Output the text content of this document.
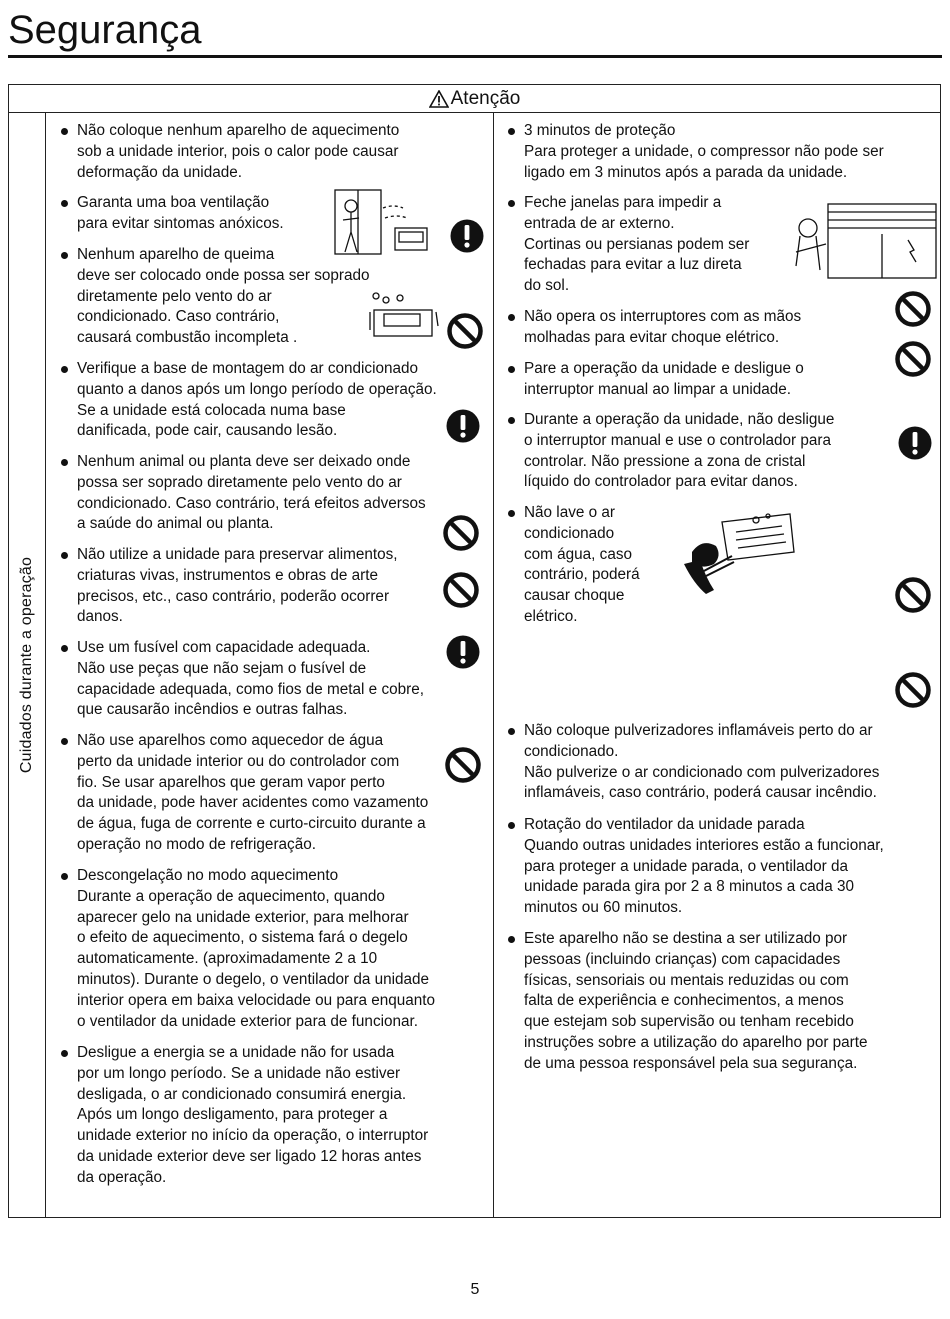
Segurança
Atenção
Cuidados durante a operação

Não coloque nenhum aparelho de aquecimento
sob a unidade interior, pois o calor pode causar
deformação da unidade.

Garanta uma boa ventilação
para evitar sintomas anóxicos.

Nenhum aparelho de queima
deve ser colocado onde possa ser soprado
diretamente pelo vento do ar
condicionado. Caso contrário,
causará combustão incompleta .

Verifique a base de montagem do ar condicionado
quanto a danos após um longo período de operação.
Se a unidade está colocada numa base
danificada, pode cair, causando lesão.

Nenhum animal ou planta deve ser deixado onde
possa ser soprado diretamente pelo vento do ar
condicionado. Caso contrário, terá efeitos adversos
a saúde do animal ou planta.

Não utilize a unidade para preservar alimentos,
criaturas vivas, instrumentos e obras de arte
precisos, etc., caso contrário, poderão ocorrer
danos.

Use um fusível com capacidade adequada.
Não use peças que não sejam o fusível de
capacidade adequada, como fios de metal e cobre,
que causarão incêndios e outras falhas.

Não use aparelhos como aquecedor de água
perto da unidade interior ou do controlador com
fio. Se usar aparelhos que geram vapor perto
da unidade, pode haver acidentes como vazamento
de água, fuga de corrente e curto-circuito durante a
operação no modo de refrigeração.

Descongelação no modo aquecimento
Durante a operação de aquecimento, quando
aparecer gelo na unidade exterior, para melhorar
o efeito de aquecimento, o sistema fará o degelo
automaticamente. (aproximadamente 2 a 10
minutos). Durante o degelo, o ventilador da unidade
interior opera em baixa velocidade ou para enquanto
o ventilador da unidade exterior para de funcionar.

Desligue a energia se a unidade não for usada
por um longo período. Se a unidade não estiver
desligada, o ar condicionado consumirá energia.
Após um longo desligamento, para proteger a
unidade exterior no início da operação, o interruptor
da unidade exterior deve ser ligado 12 horas antes
da operação.

3 minutos de proteção
Para proteger a unidade, o compressor não pode ser
ligado em 3 minutos após a parada da unidade.

Feche janelas para impedir a
entrada de ar externo.
Cortinas ou persianas podem ser
fechadas para evitar a luz direta
do sol.

Não opera os interruptores com as mãos
molhadas para evitar choque elétrico.

Pare a operação da unidade e desligue o
interruptor manual ao limpar a unidade.

Durante a operação da unidade, não desligue
o interruptor manual e use o controlador para
controlar. Não pressione a zona de cristal
líquido do controlador para evitar danos.

Não lave o ar
condicionado
com água, caso
contrário, poderá
causar choque
elétrico.

Não coloque pulverizadores inflamáveis perto do ar
condicionado.
Não pulverize o ar condicionado com pulverizadores
inflamáveis, caso contrário, poderá causar incêndio.

Rotação do ventilador da unidade parada
Quando outras unidades interiores estão a funcionar,
para proteger a unidade parada, o ventilador da
unidade parada gira por 2 a 8 minutos a cada 30
minutos ou 60 minutos.

Este aparelho não se destina a ser utilizado por
pessoas (incluindo crianças) com capacidades
físicas, sensoriais ou mentais reduzidas ou com
falta de experiência e conhecimentos, a menos
que estejam sob supervisão ou tenham recebido
instruções sobre a utilização do aparelho por parte
de uma pessoa responsável pela sua segurança.

5
